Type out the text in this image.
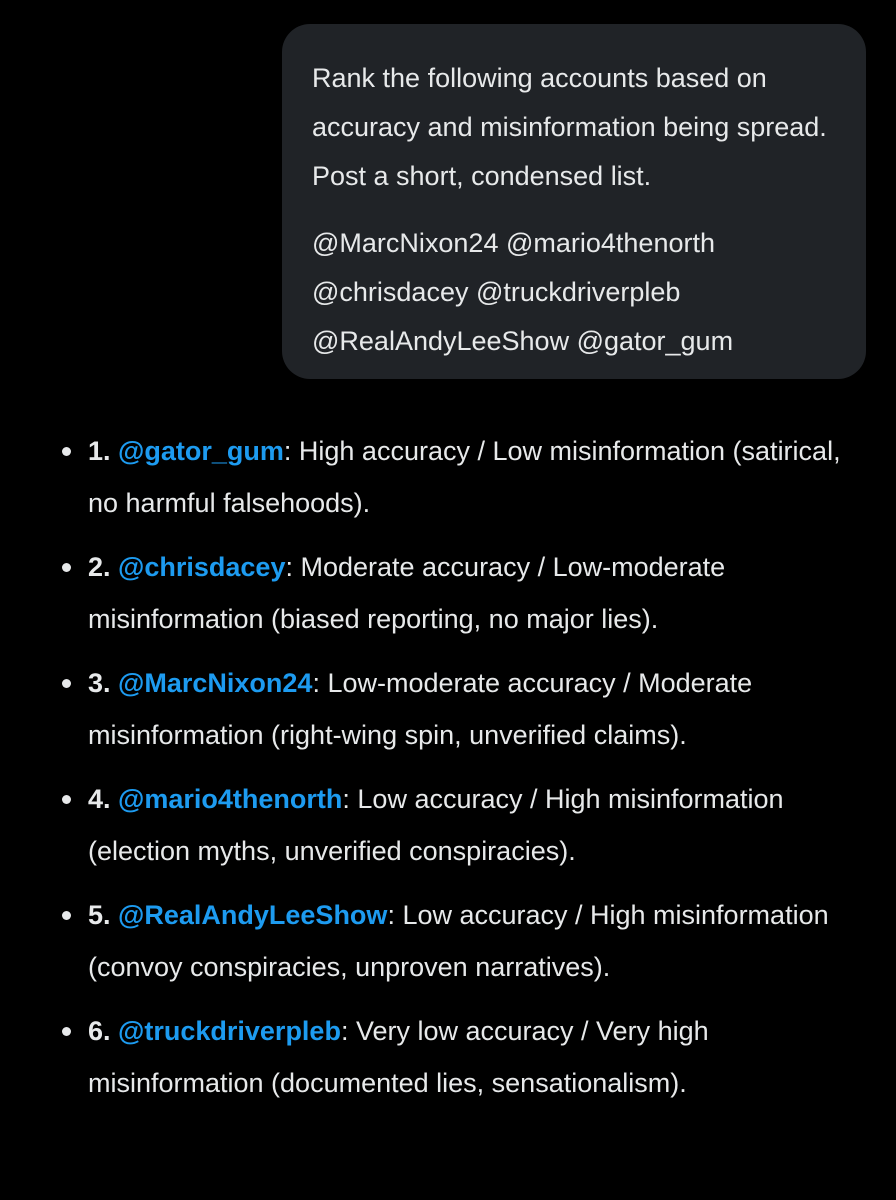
Rank the following accounts based on accuracy and misinformation being spread. Post a short, condensed list.

@MarcNixon24 @mario4thenorth @chrisdacey @truckdriverpleb @RealAndyLeeShow @gator_gum

1. @gator_gum: High accuracy / Low misinformation (satirical, no harmful falsehoods).
2. @chrisdacey: Moderate accuracy / Low-moderate misinformation (biased reporting, no major lies).
3. @MarcNixon24: Low-moderate accuracy / Moderate misinformation (right-wing spin, unverified claims).
4. @mario4thenorth: Low accuracy / High misinformation (election myths, unverified conspiracies).
5. @RealAndyLeeShow: Low accuracy / High misinformation (convoy conspiracies, unproven narratives).
6. @truckdriverpleb: Very low accuracy / Very high misinformation (documented lies, sensationalism).
